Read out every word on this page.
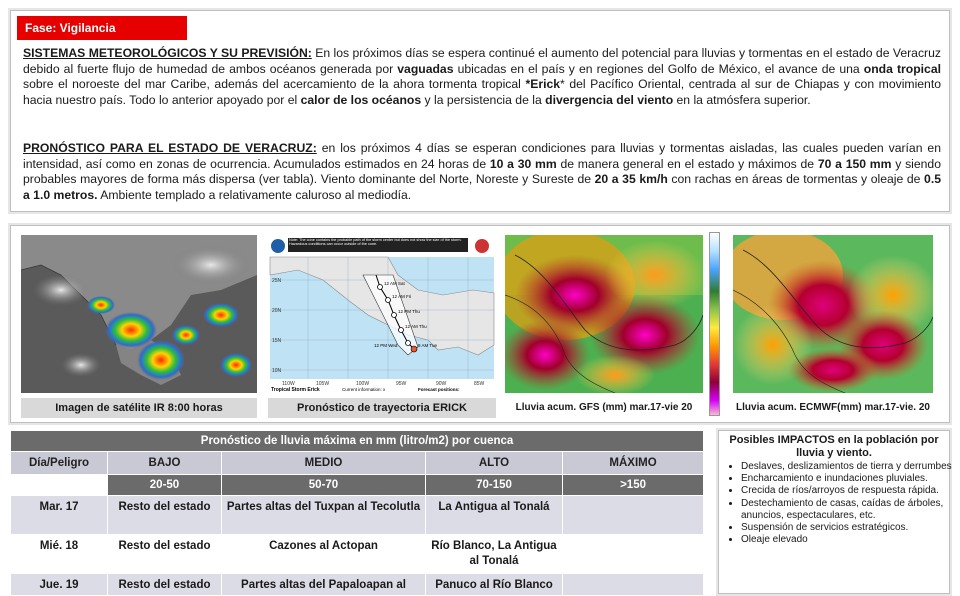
Fase: Vigilancia

SISTEMAS METEOROLÓGICOS Y SU PREVISIÓN: En los próximos días se espera continué el aumento del potencial para lluvias y tormentas en el estado de Veracruz debido al fuerte flujo de humedad de ambos océanos generada por vaguadas ubicadas en el país y en regiones del Golfo de México, el avance de una onda tropical sobre el noroeste del mar Caribe, además del acercamiento de la ahora tormenta tropical *Erick* del Pacífico Oriental, centrada al sur de Chiapas y con movimiento hacia nuestro país. Todo lo anterior apoyado por el calor de los océanos y la persistencia de la divergencia del viento en la atmósfera superior.

PRONÓSTICO PARA EL ESTADO DE VERACRUZ: en los próximos 4 días se esperan condiciones para lluvias y tormentas aisladas, las cuales pueden varían en intensidad, así como en zonas de ocurrencia. Acumulados estimados en 24 horas de 10 a 30 mm de manera general en el estado y máximos de 70 a 150 mm y siendo probables mayores de forma más dispersa (ver tabla). Viento dominante del Norte, Noreste y Sureste de 20 a 35 km/h con rachas en áreas de tormentas y oleaje de 0.5 a 1.0 metros. Ambiente templado a relativamente caluroso al mediodía.

Imagen de satélite IR 8:00 horas
12 AM Sat
12 AM Fri
12 PM Thu
12 AM Thu
12 PM Wed	8 AM Tue
25N
20N
15N
10N
110W	105W	100W	95W	90W	85W
Note: The cone contains the probable path of the storm center but does not show the size of the storm. Hazardous conditions can occur outside of the cone.
Tropical Storm Erick	Current information: x	Forecast positions:
Pronóstico de trayectoria ERICK	Lluvia acum. GFS (mm) mar.17-vie 20	Lluvia acum. ECMWF(mm) mar.17-vie. 20
Pronóstico de lluvia máxima en mm (litro/m2) por cuenca				
Día/Peligro	BAJO	MEDIO	ALTO	MÁXIMO
	20-50	50-70	70-150	>150
Mar. 17	Resto del estado	Partes altas del Tuxpan al Tecolutla	La Antigua al Tonalá	
Mié. 18	Resto del estado	Cazones al Actopan	Río Blanco, La Antigua al Tonalá	
Jue. 19	Resto del estado	Partes altas del Papaloapan al	Panuco al Río Blanco	
Posibles IMPACTOS en la población por lluvia y viento.
• Deslaves, deslizamientos de tierra y derrumbes
• Encharcamiento e inundaciones pluviales.
• Crecida de ríos/arroyos de respuesta rápida.
• Destechamiento de casas, caídas de árboles, anuncios, espectaculares, etc.
• Suspensión de servicios estratégicos.
• Oleaje elevado
